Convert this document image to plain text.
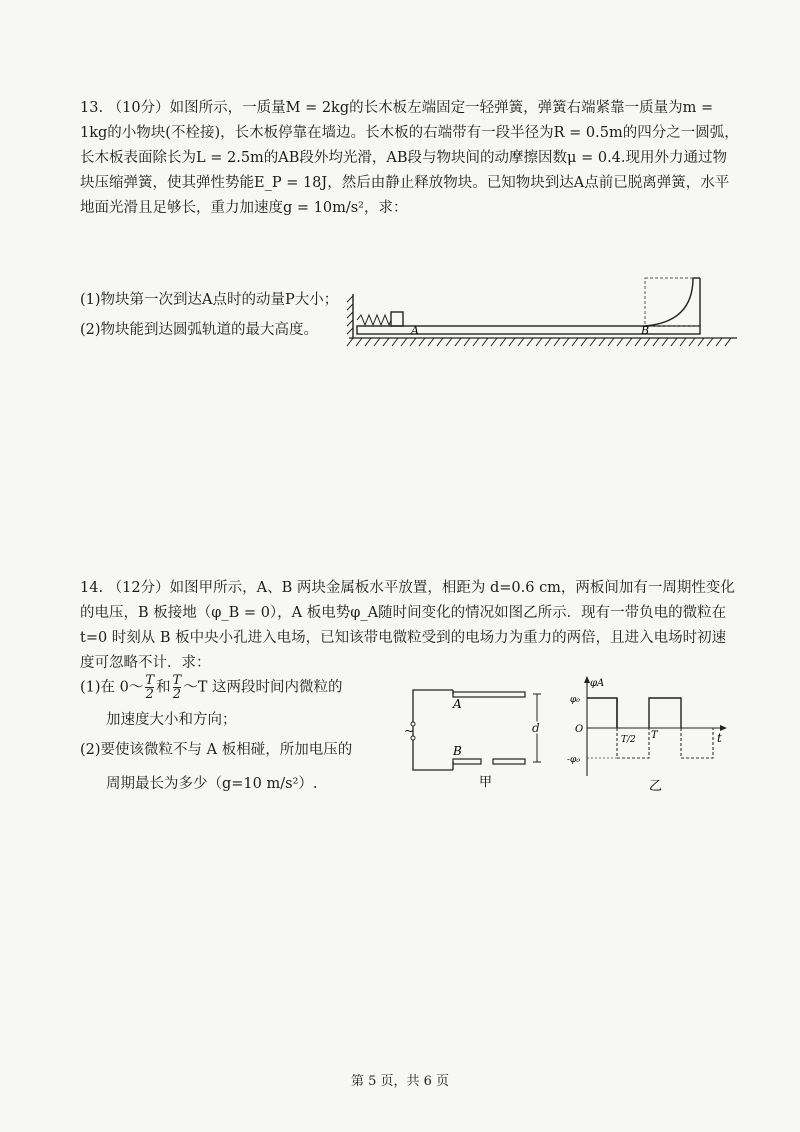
13. （10分）如图所示，一质量M = 2kg的长木板左端固定一轻弹簧，弹簧右端紧靠一质量为m = 1kg的小物块(不栓接)，长木板停靠在墙边。长木板的右端带有一段半径为R = 0.5m的四分之一圆弧，长木板表面除长为L = 2.5m的AB段外均光滑，AB段与物块间的动摩擦因数μ = 0.4.现用外力通过物块压缩弹簧，使其弹性势能E_P = 18J，然后由静止释放物块。已知物块到达A点前已脱离弹簧，水平地面光滑且足够长，重力加速度g = 10m/s²，求：

(1)物块第一次到达A点时的动量P大小；
(2)物块能到达圆弧轨道的最大高度。	A	B

14. （12分）如图甲所示，A、B 两块金属板水平放置，相距为 d=0.6 cm，两板间加有一周期性变化的电压，B 板接地（φ_B = 0），A 板电势φ_A随时间变化的情况如图乙所示．现有一带负电的微粒在 t=0 时刻从 B 板中央小孔进入电场，已知该带电微粒受到的电场力为重力的两倍，且进入电场时初速度可忽略不计．求：

(1)在 0～ $\frac{T}{2}$ 和 $\frac{T}{2}$ ～T 这两段时间内微粒的
加速度大小和方向；
(2)要使该微粒不与 A 板相碰，所加电压的
周期最长为多少（g=10 m/s²）.
~
A
B
d
甲
φA
φ₀
O
-φ₀
T/2 T	t
乙
第 5 页，共 6 页
